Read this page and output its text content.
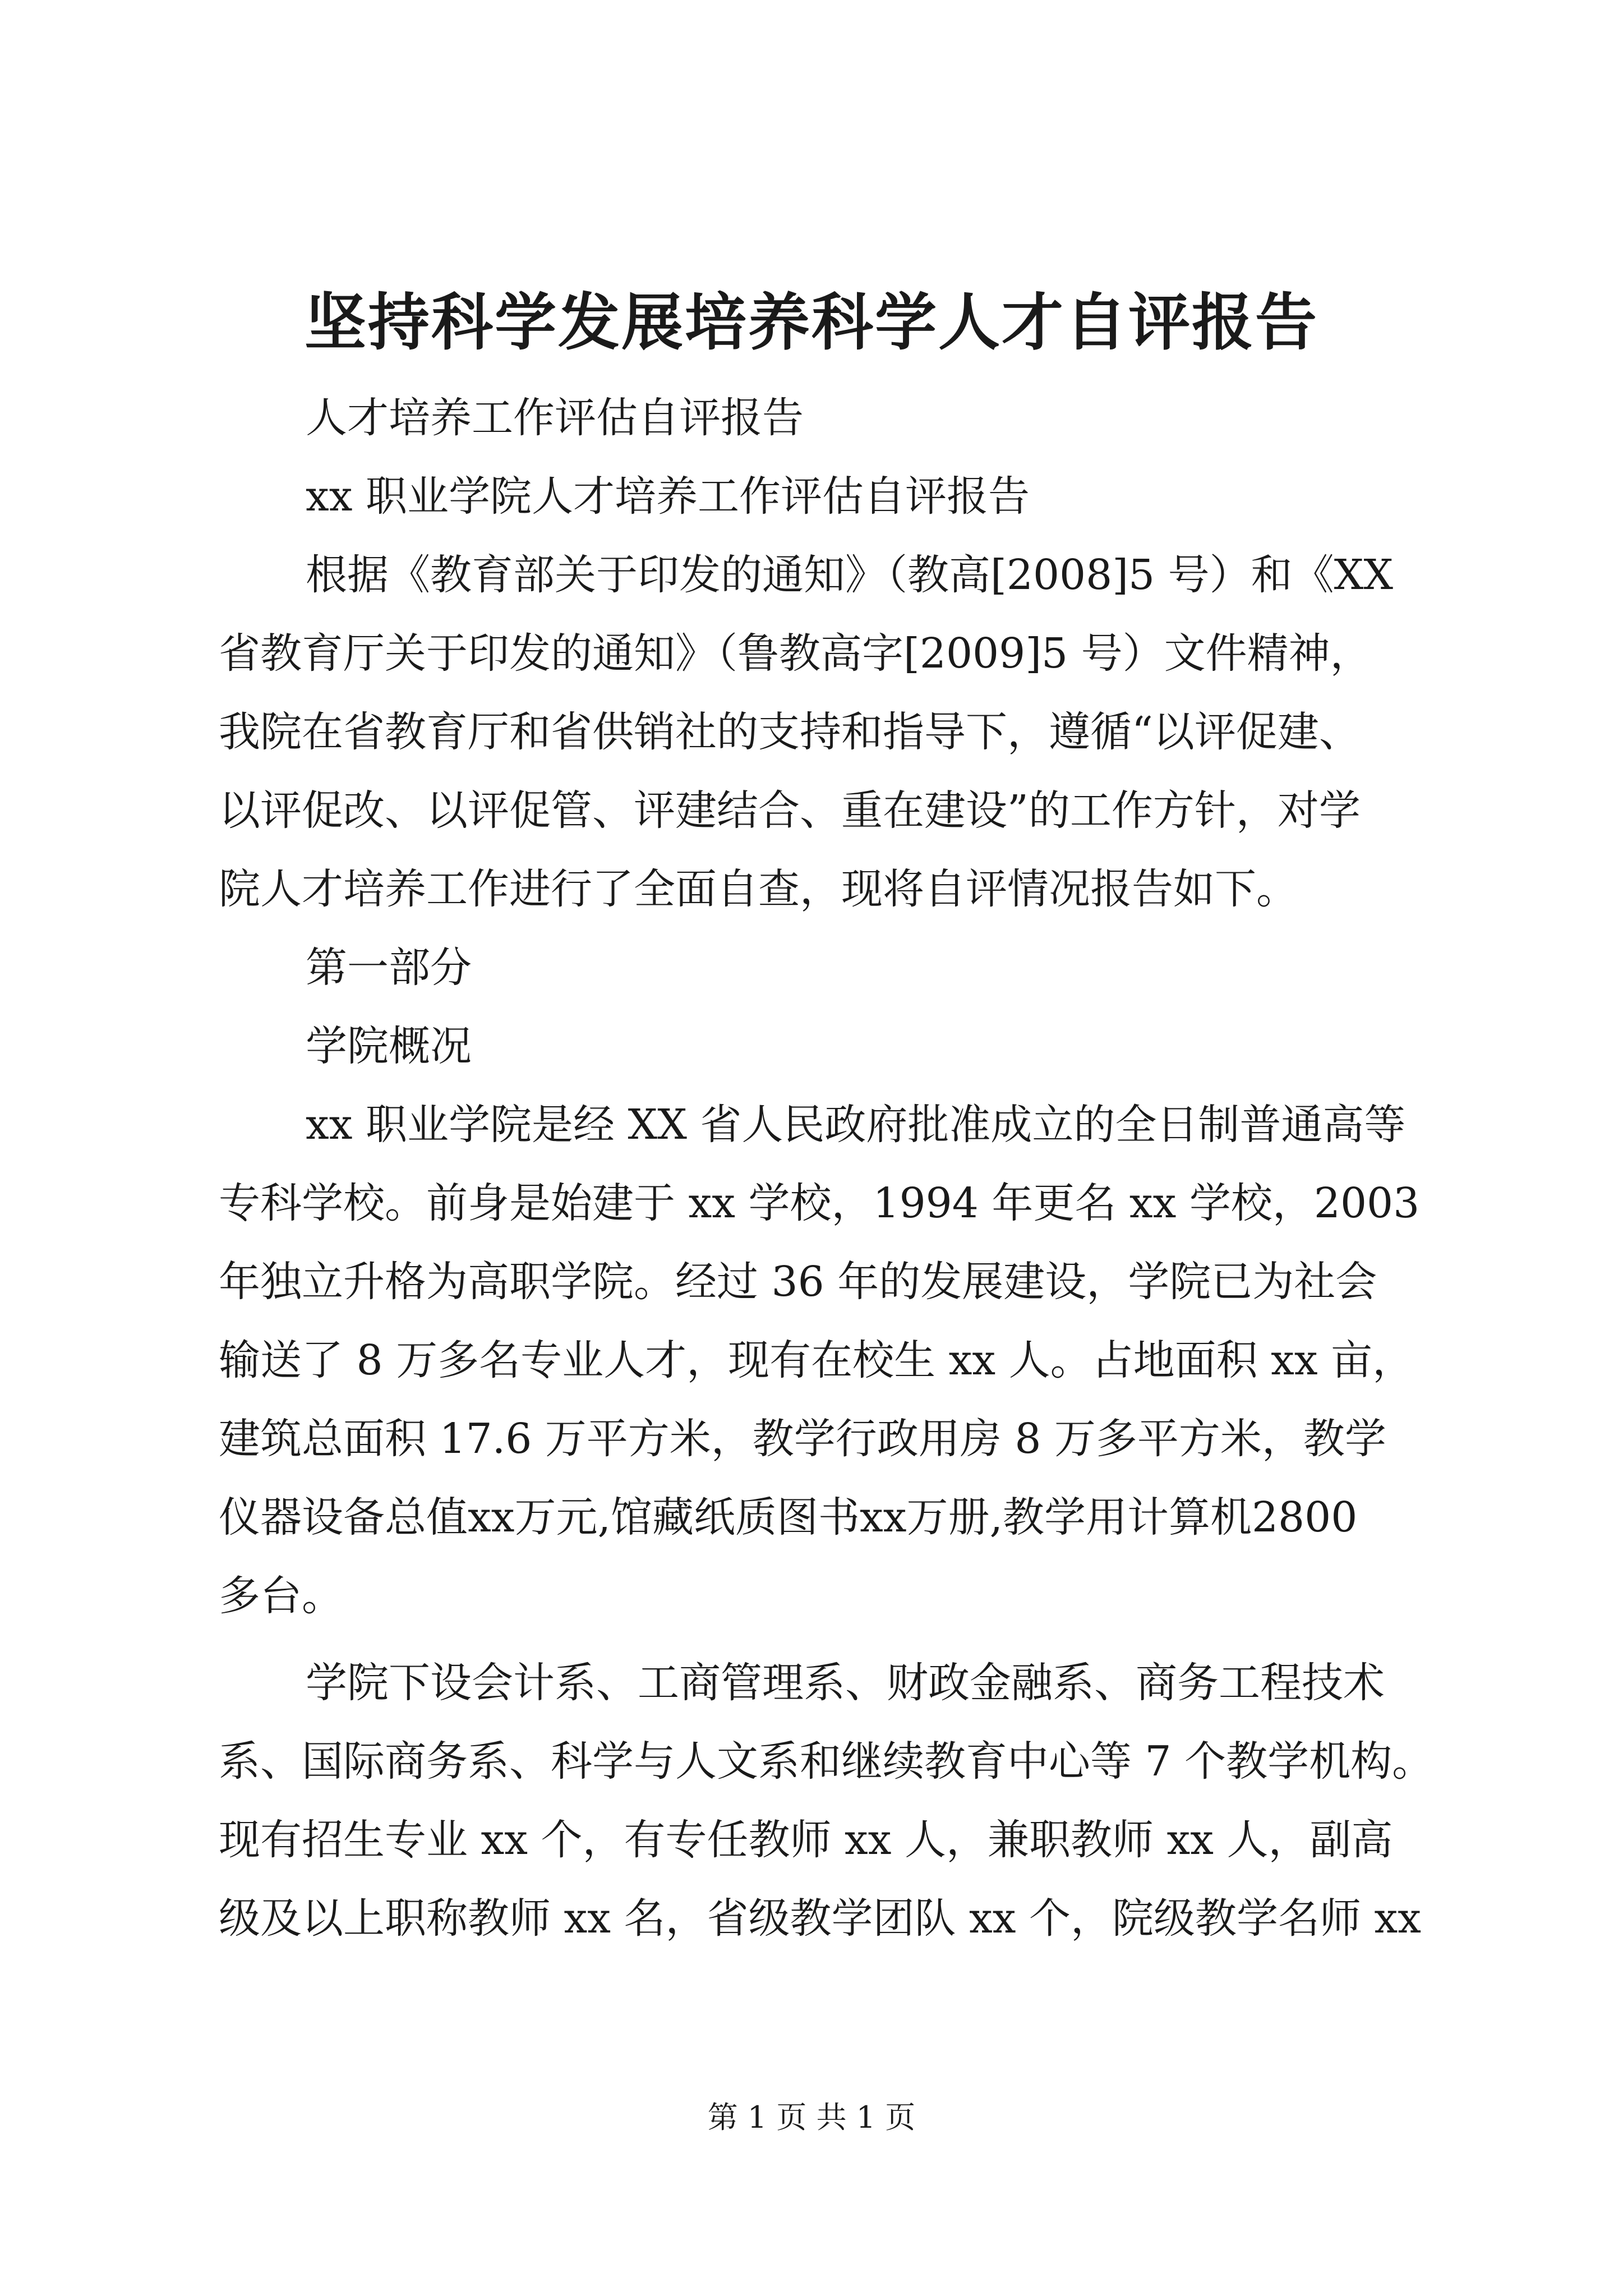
坚持科学发展培养科学人才自评报告
人才培养工作评估自评报告
xx 职业学院人才培养工作评估自评报告
根据《教育部关于印发的通知》（教高[2008]5 号）和《XX
省教育厅关于印发的通知》（鲁教高字[2009]5 号）文件精神，
我院在省教育厅和省供销社的支持和指导下，遵循“以评促建、
以评促改、以评促管、评建结合、重在建设”的工作方针，对学
院人才培养工作进行了全面自查，现将自评情况报告如下。
第一部分
学院概况
xx 职业学院是经 XX 省人民政府批准成立的全日制普通高等
专科学校。前身是始建于 xx 学校，1994 年更名 xx 学校，2003
年独立升格为高职学院。经过 36 年的发展建设，学院已为社会
输送了 8 万多名专业人才，现有在校生 xx 人。占地面积 xx 亩，
建筑总面积 17.6 万平方米，教学行政用房 8 万多平方米，教学
仪器设备总值xx万元,馆藏纸质图书xx万册,教学用计算机2800
多台。
学院下设会计系、工商管理系、财政金融系、商务工程技术
系、国际商务系、科学与人文系和继续教育中心等 7 个教学机构。
现有招生专业 xx 个，有专任教师 xx 人，兼职教师 xx 人，副高
级及以上职称教师 xx 名，省级教学团队 xx 个，院级教学名师 xx
第 1 页 共 1 页
